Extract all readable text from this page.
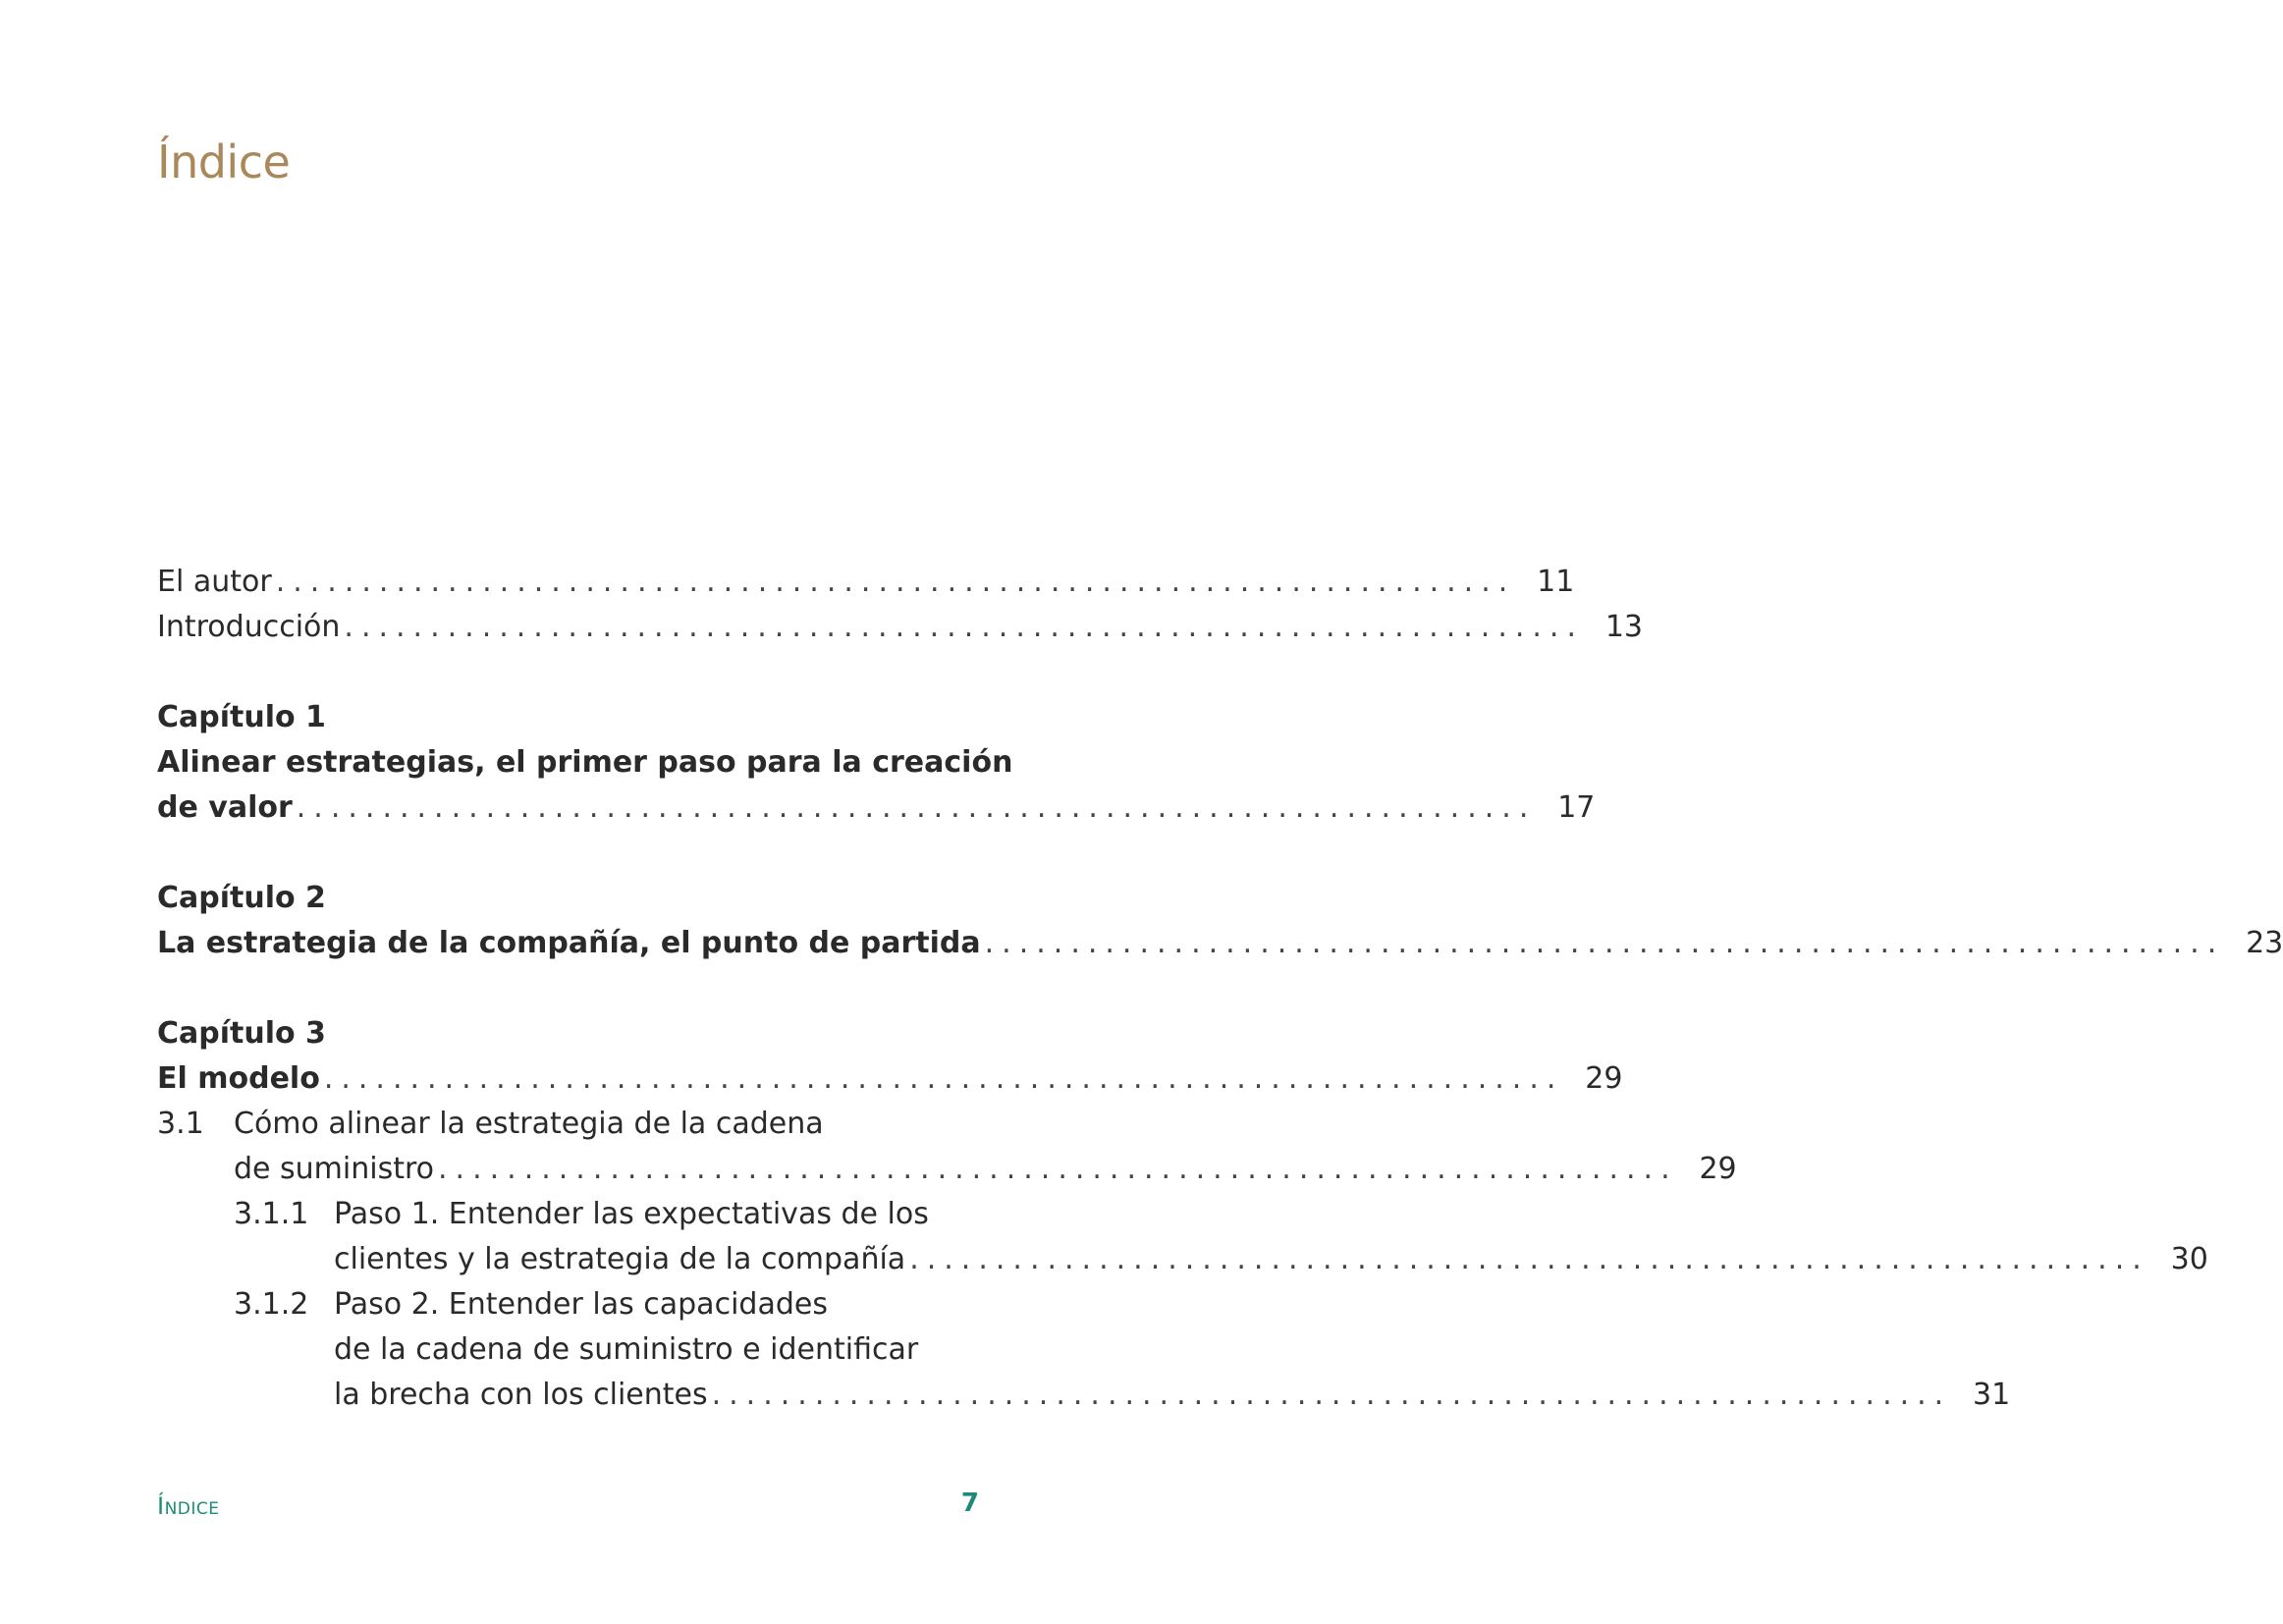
Índice
El autor ........................................................................ 11
Introducción ........................................................................ 13
Capítulo 1
Alinear estrategias, el primer paso para la creación
de valor ........................................................................ 17
Capítulo 2
La estrategia de la compañía, el punto de partida ........................................................................ 23
Capítulo 3
El modelo ........................................................................ 29
3.1	Cómo alinear la estrategia de la cadena
de suministro ........................................................................ 29
3.1.1 Paso 1. Entender las expectativas de los
clientes y la estrategia de la compañía ........................................................................ 30
3.1.2 Paso 2. Entender las capacidades
de la cadena de suministro e identificar
la brecha con los clientes ........................................................................ 31
Índice	7
